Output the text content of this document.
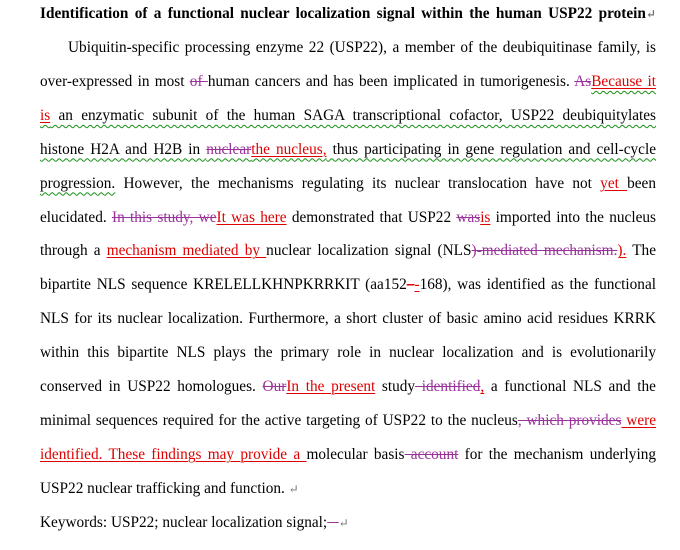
Identification of a functional nuclear localization signal within the human USP22 protein↵
Ubiquitin-specific processing enzyme 22 (USP22), a member of the deubiquitinase family, is
over-expressed in most of human cancers and has been implicated in tumorigenesis. AsBecause it
is an enzymatic subunit of the human SAGA transcriptional cofactor, USP22 deubiquitylates
histone H2A and H2B in nuclearthe nucleus, thus participating in gene regulation and cell-cycle
progression. However, the mechanisms regulating its nuclear translocation have not yet been
elucidated. In this study, weIt was here demonstrated that USP22 wasis imported into the nucleus
through a mechanism mediated by nuclear localization signal (NLS)-mediated mechanism.). The
bipartite NLS sequence KRELELLKHNPKRRKIT (aa152–-168), was identified as the functional
NLS for its nuclear localization. Furthermore, a short cluster of basic amino acid residues KRRK
within this bipartite NLS plays the primary role in nuclear localization and is evolutionarily
conserved in USP22 homologues. OurIn the present study identified, a functional NLS and the
minimal sequences required for the active targeting of USP22 to the nucleus, which provides were
identified. These findings may provide a molecular basis account for the mechanism underlying
USP22 nuclear trafficking and function. ↵
Keywords: USP22; nuclear localization signal; ↵
